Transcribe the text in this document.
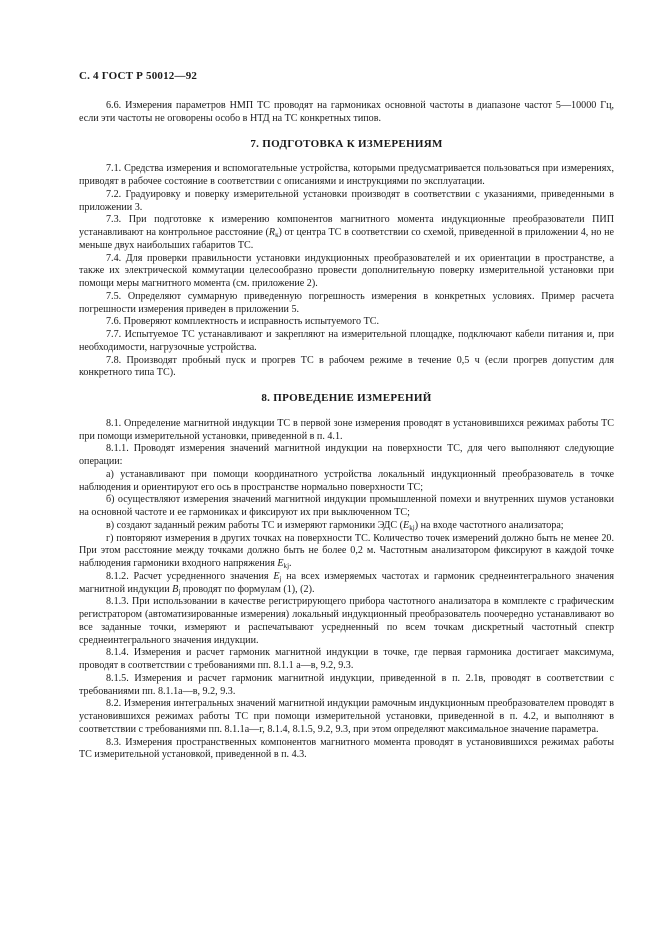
С. 4 ГОСТ Р 50012—92

6.6. Измерения параметров НМП ТС проводят на гармониках основной частоты в диапазоне частот 5—10000 Гц, если эти частоты не оговорены особо в НТД на ТС конкретных типов.

7. ПОДГОТОВКА К ИЗМЕРЕНИЯМ

7.1. Средства измерения и вспомогательные устройства, которыми предусматривается пользоваться при измерениях, приводят в рабочее состояние в соответствии с описаниями и инструкциями по эксплуатации.

7.2. Градуировку и поверку измерительной установки производят в соответствии с указаниями, приведенными в приложении 3.

7.3. При подготовке к измерению компонентов магнитного момента индукционные преобразователи ПИП устанавливают на контрольное расстояние $(R_к)$ от центра ТС в соответствии со схемой, приведенной в приложении 4, но не меньше двух наибольших габаритов ТС.

7.4. Для проверки правильности установки индукционных преобразователей и их ориентации в пространстве, а также их электрической коммутации целесообразно провести дополнительную поверку измерительной установки при помощи меры магнитного момента (см. приложение 2).

7.5. Определяют суммарную приведенную погрешность измерения в конкретных условиях. Пример расчета погрешности измерения приведен в приложении 5.

7.6. Проверяют комплектность и исправность испытуемого ТС.

7.7. Испытуемое ТС устанавливают и закрепляют на измерительной площадке, подключают кабели питания и, при необходимости, нагрузочные устройства.

7.8. Производят пробный пуск и прогрев ТС в рабочем режиме в течение 0,5 ч (если прогрев допустим для конкретного типа ТС).

8. ПРОВЕДЕНИЕ ИЗМЕРЕНИЙ

8.1. Определение магнитной индукции ТС в первой зоне измерения проводят в установившихся режимах работы ТС при помощи измерительной установки, приведенной в п. 4.1.

8.1.1. Проводят измерения значений магнитной индукции на поверхности ТС, для чего выполняют следующие операции:

а) устанавливают при помощи координатного устройства локальный индукционный преобразователь в точке наблюдения и ориентируют его ось в пространстве нормально поверхности ТС;

б) осуществляют измерения значений магнитной индукции промышленной помехи и внутренних шумов установки на основной частоте и ее гармониках и фиксируют их при выключенном ТС;

в) создают заданный режим работы ТС и измеряют гармоники ЭДС $(E_{kj})$ на входе частотного анализатора;

г) повторяют измерения в других точках на поверхности ТС. Количество точек измерений должно быть не менее 20. При этом расстояние между точками должно быть не более 0,2 м. Частотным анализатором фиксируют в каждой точке наблюдения гармоники входного напряжения $E_{kj}$.

8.1.2. Расчет усредненного значения $E_j$ на всех измеряемых частотах и гармоник среднеинтегрального значения магнитной индукции $B_j$ проводят по формулам (1), (2).

8.1.3. При использовании в качестве регистрирующего прибора частотного анализатора в комплекте с графическим регистратором (автоматизированные измерения) локальный индукционный преобразователь поочередно устанавливают во все заданные точки, измеряют и распечатывают усредненный по всем точкам дискретный частотный спектр среднеинтегрального значения индукции.

8.1.4. Измерения и расчет гармоник магнитной индукции в точке, где первая гармоника достигает максимума, проводят в соответствии с требованиями пп. 8.1.1 а—в, 9.2, 9.3.

8.1.5. Измерения и расчет гармоник магнитной индукции, приведенной в п. 2.1в, проводят в соответствии с требованиями пп. 8.1.1а—в, 9.2, 9.3.

8.2. Измерения интегральных значений магнитной индукции рамочным индукционным преобразователем проводят в установившихся режимах работы ТС при помощи измерительной установки, приведенной в п. 4.2, и выполняют в соответствии с требованиями пп. 8.1.1а—г, 8.1.4, 8.1.5, 9.2, 9.3, при этом определяют максимальное значение параметра.

8.3. Измерения пространственных компонентов магнитного момента проводят в установившихся режимах работы ТС измерительной установкой, приведенной в п. 4.3.
